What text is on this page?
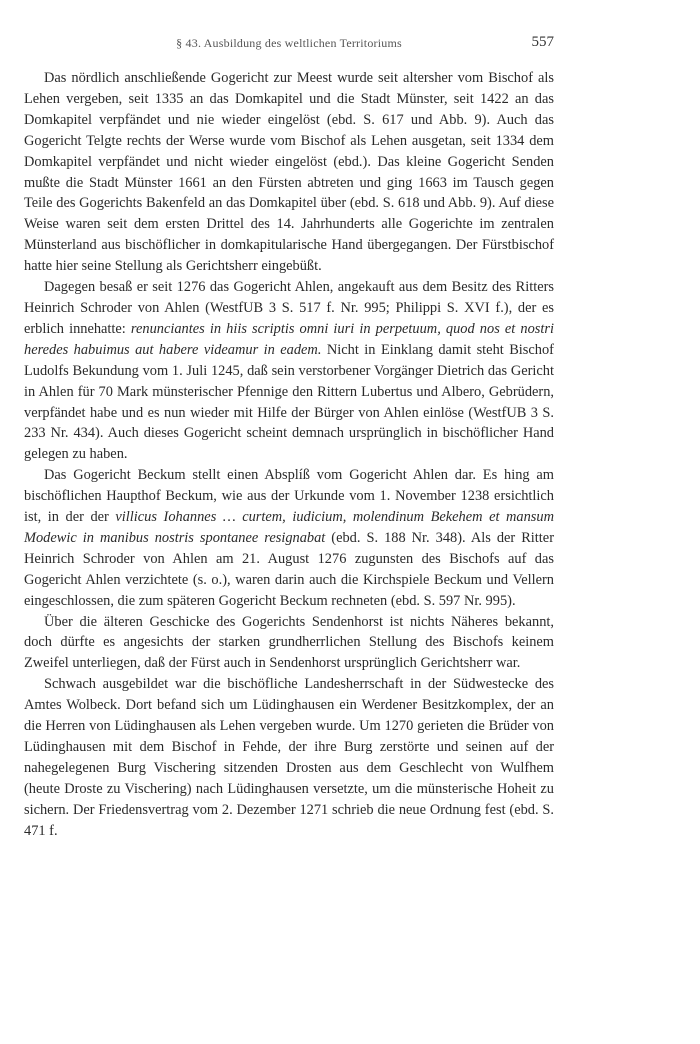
§ 43. Ausbildung des weltlichen Territoriums	557

Das nördlich anschließende Gogericht zur Meest wurde seit altersher vom Bischof als Lehen vergeben, seit 1335 an das Domkapitel und die Stadt Münster, seit 1422 an das Domkapitel verpfändet und nie wieder eingelöst (ebd. S. 617 und Abb. 9). Auch das Gogericht Telgte rechts der Werse wurde vom Bischof als Lehen ausgetan, seit 1334 dem Domkapitel verpfändet und nicht wieder eingelöst (ebd.). Das kleine Gogericht Senden mußte die Stadt Münster 1661 an den Fürsten abtreten und ging 1663 im Tausch gegen Teile des Gogerichts Bakenfeld an das Domkapitel über (ebd. S. 618 und Abb. 9). Auf diese Weise waren seit dem ersten Drittel des 14. Jahrhunderts alle Gogerichte im zentralen Münsterland aus bischöflicher in domkapitularische Hand übergegangen. Der Fürstbischof hatte hier seine Stellung als Gerichtsherr eingebüßt.

Dagegen besaß er seit 1276 das Gogericht Ahlen, angekauft aus dem Besitz des Ritters Heinrich Schroder von Ahlen (WestfUB 3 S. 517 f. Nr. 995; Philippi S. XVI f.), der es erblich innehatte: renunciantes in hiis scriptis omni iuri in perpetuum, quod nos et nostri heredes habuimus aut habere videamur in eadem. Nicht in Einklang damit steht Bischof Ludolfs Bekundung vom 1. Juli 1245, daß sein verstorbener Vorgänger Dietrich das Gericht in Ahlen für 70 Mark münsterischer Pfennige den Rittern Lubertus und Albero, Gebrüdern, verpfändet habe und es nun wieder mit Hilfe der Bürger von Ahlen einlöse (WestfUB 3 S. 233 Nr. 434). Auch dieses Gogericht scheint demnach ursprünglich in bischöflicher Hand gelegen zu haben.

Das Gogericht Beckum stellt einen Absplíß vom Gogericht Ahlen dar. Es hing am bischöflichen Haupthof Beckum, wie aus der Urkunde vom 1. November 1238 ersichtlich ist, in der der villicus Iohannes … curtem, iudicium, molendinum Bekehem et mansum Modewic in manibus nostris spontanee resignabat (ebd. S. 188 Nr. 348). Als der Ritter Heinrich Schroder von Ahlen am 21. August 1276 zugunsten des Bischofs auf das Gogericht Ahlen verzichtete (s. o.), waren darin auch die Kirchspiele Beckum und Vellern eingeschlossen, die zum späteren Gogericht Beckum rechneten (ebd. S. 597 Nr. 995).

Über die älteren Geschicke des Gogerichts Sendenhorst ist nichts Näheres bekannt, doch dürfte es angesichts der starken grundherrlichen Stellung des Bischofs keinem Zweifel unterliegen, daß der Fürst auch in Sendenhorst ursprünglich Gerichtsherr war.

Schwach ausgebildet war die bischöfliche Landesherrschaft in der Südwestecke des Amtes Wolbeck. Dort befand sich um Lüdinghausen ein Werdener Besitzkomplex, der an die Herren von Lüdinghausen als Lehen vergeben wurde. Um 1270 gerieten die Brüder von Lüdinghausen mit dem Bischof in Fehde, der ihre Burg zerstörte und seinen auf der nahegelegenen Burg Vischering sitzenden Drosten aus dem Geschlecht von Wulfhem (heute Droste zu Vischering) nach Lüdinghausen versetzte, um die münsterische Hoheit zu sichern. Der Friedensvertrag vom 2. Dezember 1271 schrieb die neue Ordnung fest (ebd. S. 471 f.
